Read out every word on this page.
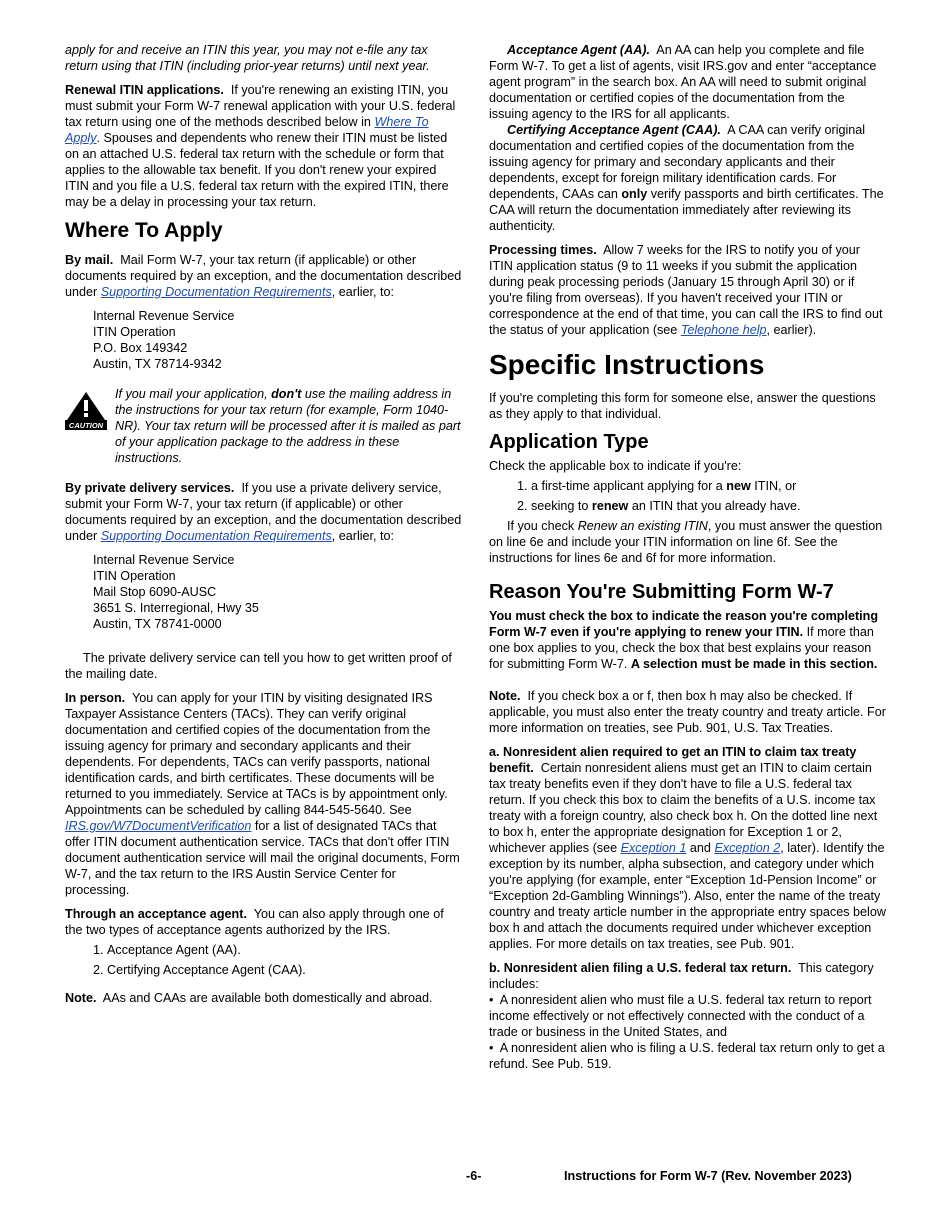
apply for and receive an ITIN this year, you may not e-file any tax return using that ITIN (including prior-year returns) until next year.

Renewal ITIN applications. If you're renewing an existing ITIN, you must submit your Form W-7 renewal application with your U.S. federal tax return using one of the methods described below in Where To Apply. Spouses and dependents who renew their ITIN must be listed on an attached U.S. federal tax return with the schedule or form that applies to the allowable tax benefit. If you don't renew your expired ITIN and you file a U.S. federal tax return with the expired ITIN, there may be a delay in processing your tax return.

Where To Apply

By mail. Mail Form W-7, your tax return (if applicable) or other documents required by an exception, and the documentation described under Supporting Documentation Requirements, earlier, to:

Internal Revenue Service
ITIN Operation
P.O. Box 149342
Austin, TX 78714-9342
CAUTION
If you mail your application, don't use the mailing address in the instructions for your tax return (for example, Form 1040-NR). Your tax return will be processed after it is mailed as part of your application package to the address in these instructions.

By private delivery services. If you use a private delivery service, submit your Form W-7, your tax return (if applicable) or other documents required by an exception, and the documentation described under Supporting Documentation Requirements, earlier, to:

Internal Revenue Service
ITIN Operation
Mail Stop 6090-AUSC
3651 S. Interregional, Hwy 35
Austin, TX 78741-0000

The private delivery service can tell you how to get written proof of the mailing date.

In person. You can apply for your ITIN by visiting designated IRS Taxpayer Assistance Centers (TACs). They can verify original documentation and certified copies of the documentation from the issuing agency for primary and secondary applicants and their dependents. For dependents, TACs can verify passports, national identification cards, and birth certificates. These documents will be returned to you immediately. Service at TACs is by appointment only. Appointments can be scheduled by calling 844-545-5640. See IRS.gov/W7DocumentVerification for a list of designated TACs that offer ITIN document authentication service. TACs that don't offer ITIN document authentication service will mail the original documents, Form W-7, and the tax return to the IRS Austin Service Center for processing.

Through an acceptance agent. You can also apply through one of the two types of acceptance agents authorized by the IRS.

1. Acceptance Agent (AA).
2. Certifying Acceptance Agent (CAA).

Note. AAs and CAAs are available both domestically and abroad.

Acceptance Agent (AA). An AA can help you complete and file Form W-7. To get a list of agents, visit IRS.gov and enter “acceptance agent program” in the search box. An AA will need to submit original documentation or certified copies of the documentation from the issuing agency to the IRS for all applicants.

Certifying Acceptance Agent (CAA). A CAA can verify original documentation and certified copies of the documentation from the issuing agency for primary and secondary applicants and their dependents, except for foreign military identification cards. For dependents, CAAs can only verify passports and birth certificates. The CAA will return the documentation immediately after reviewing its authenticity.

Processing times. Allow 7 weeks for the IRS to notify you of your ITIN application status (9 to 11 weeks if you submit the application during peak processing periods (January 15 through April 30) or if you're filing from overseas). If you haven't received your ITIN or correspondence at the end of that time, you can call the IRS to find out the status of your application (see Telephone help, earlier).

Specific Instructions

If you're completing this form for someone else, answer the questions as they apply to that individual.

Application Type

Check the applicable box to indicate if you're:

1. a first-time applicant applying for a new ITIN, or
2. seeking to renew an ITIN that you already have.

If you check Renew an existing ITIN, you must answer the question on line 6e and include your ITIN information on line 6f. See the instructions for lines 6e and 6f for more information.

Reason You're Submitting Form W-7

You must check the box to indicate the reason you're completing Form W-7 even if you're applying to renew your ITIN. If more than one box applies to you, check the box that best explains your reason for submitting Form W-7. A selection must be made in this section.

Note. If you check box a or f, then box h may also be checked. If applicable, you must also enter the treaty country and treaty article. For more information on treaties, see Pub. 901, U.S. Tax Treaties.

a. Nonresident alien required to get an ITIN to claim tax treaty benefit. Certain nonresident aliens must get an ITIN to claim certain tax treaty benefits even if they don't have to file a U.S. federal tax return. If you check this box to claim the benefits of a U.S. income tax treaty with a foreign country, also check box h. On the dotted line next to box h, enter the appropriate designation for Exception 1 or 2, whichever applies (see Exception 1 and Exception 2, later). Identify the exception by its number, alpha subsection, and category under which you're applying (for example, enter “Exception 1d-Pension Income” or “Exception 2d-Gambling Winnings”). Also, enter the name of the treaty country and treaty article number in the appropriate entry spaces below box h and attach the documents required under whichever exception applies. For more details on tax treaties, see Pub. 901.

b. Nonresident alien filing a U.S. federal tax return. This category includes:

• A nonresident alien who must file a U.S. federal tax return to report income effectively or not effectively connected with the conduct of a trade or business in the United States, and
• A nonresident alien who is filing a U.S. federal tax return only to get a refund. See Pub. 519.
-6-	Instructions for Form W-7 (Rev. November 2023)
